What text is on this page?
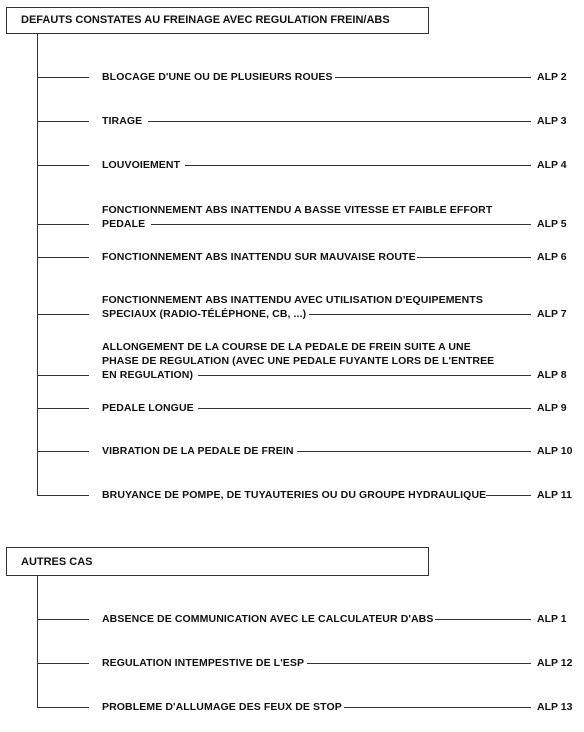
DEFAUTS CONSTATES AU FREINAGE AVEC REGULATION FREIN/ABS
BLOCAGE D'UNE OU DE PLUSIEURS ROUES	ALP 2
TIRAGE	ALP 3
LOUVOIEMENT	ALP 4
FONCTIONNEMENT ABS INATTENDU A BASSE VITESSE ET FAIBLE EFFORT
PEDALE	ALP 5
FONCTIONNEMENT ABS INATTENDU SUR MAUVAISE ROUTE	ALP 6
FONCTIONNEMENT ABS INATTENDU AVEC UTILISATION D'EQUIPEMENTS
SPECIAUX (RADIO-TÉLÉPHONE, CB, ...)	ALP 7
ALLONGEMENT DE LA COURSE DE LA PEDALE DE FREIN SUITE A UNE
PHASE DE REGULATION (AVEC UNE PEDALE FUYANTE LORS DE L'ENTREE
EN REGULATION)	ALP 8
PEDALE LONGUE	ALP 9
VIBRATION DE LA PEDALE DE FREIN	ALP 10
BRUYANCE DE POMPE, DE TUYAUTERIES OU DU GROUPE HYDRAULIQUE	ALP 11
AUTRES CAS
ABSENCE DE COMMUNICATION AVEC LE CALCULATEUR D'ABS	ALP 1
REGULATION INTEMPESTIVE DE L'ESP	ALP 12
PROBLEME D'ALLUMAGE DES FEUX DE STOP	ALP 13
